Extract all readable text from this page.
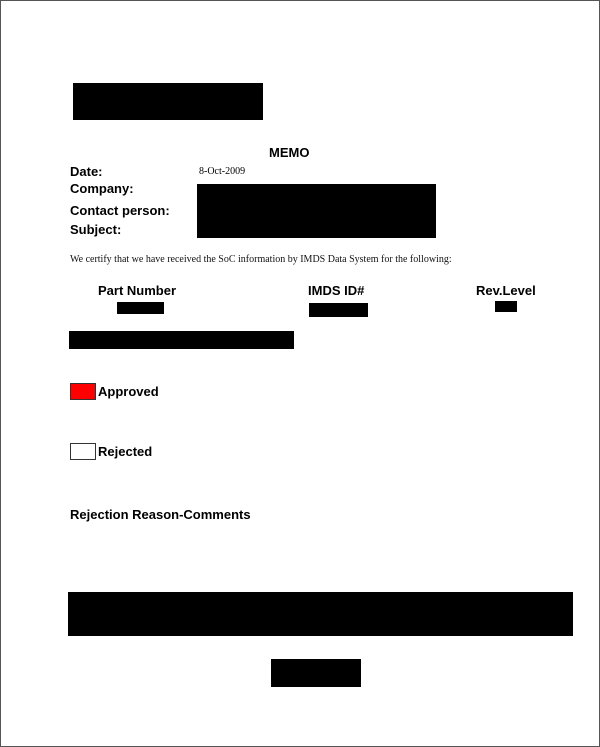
MEMO
Date:	8-Oct-2009
Company:
Contact person:
Subject:
We certify that we have received the SoC information by IMDS Data System for the following:
Part Number	IMDS ID#	Rev.Level
Approved
Rejected
Rejection Reason-Comments
